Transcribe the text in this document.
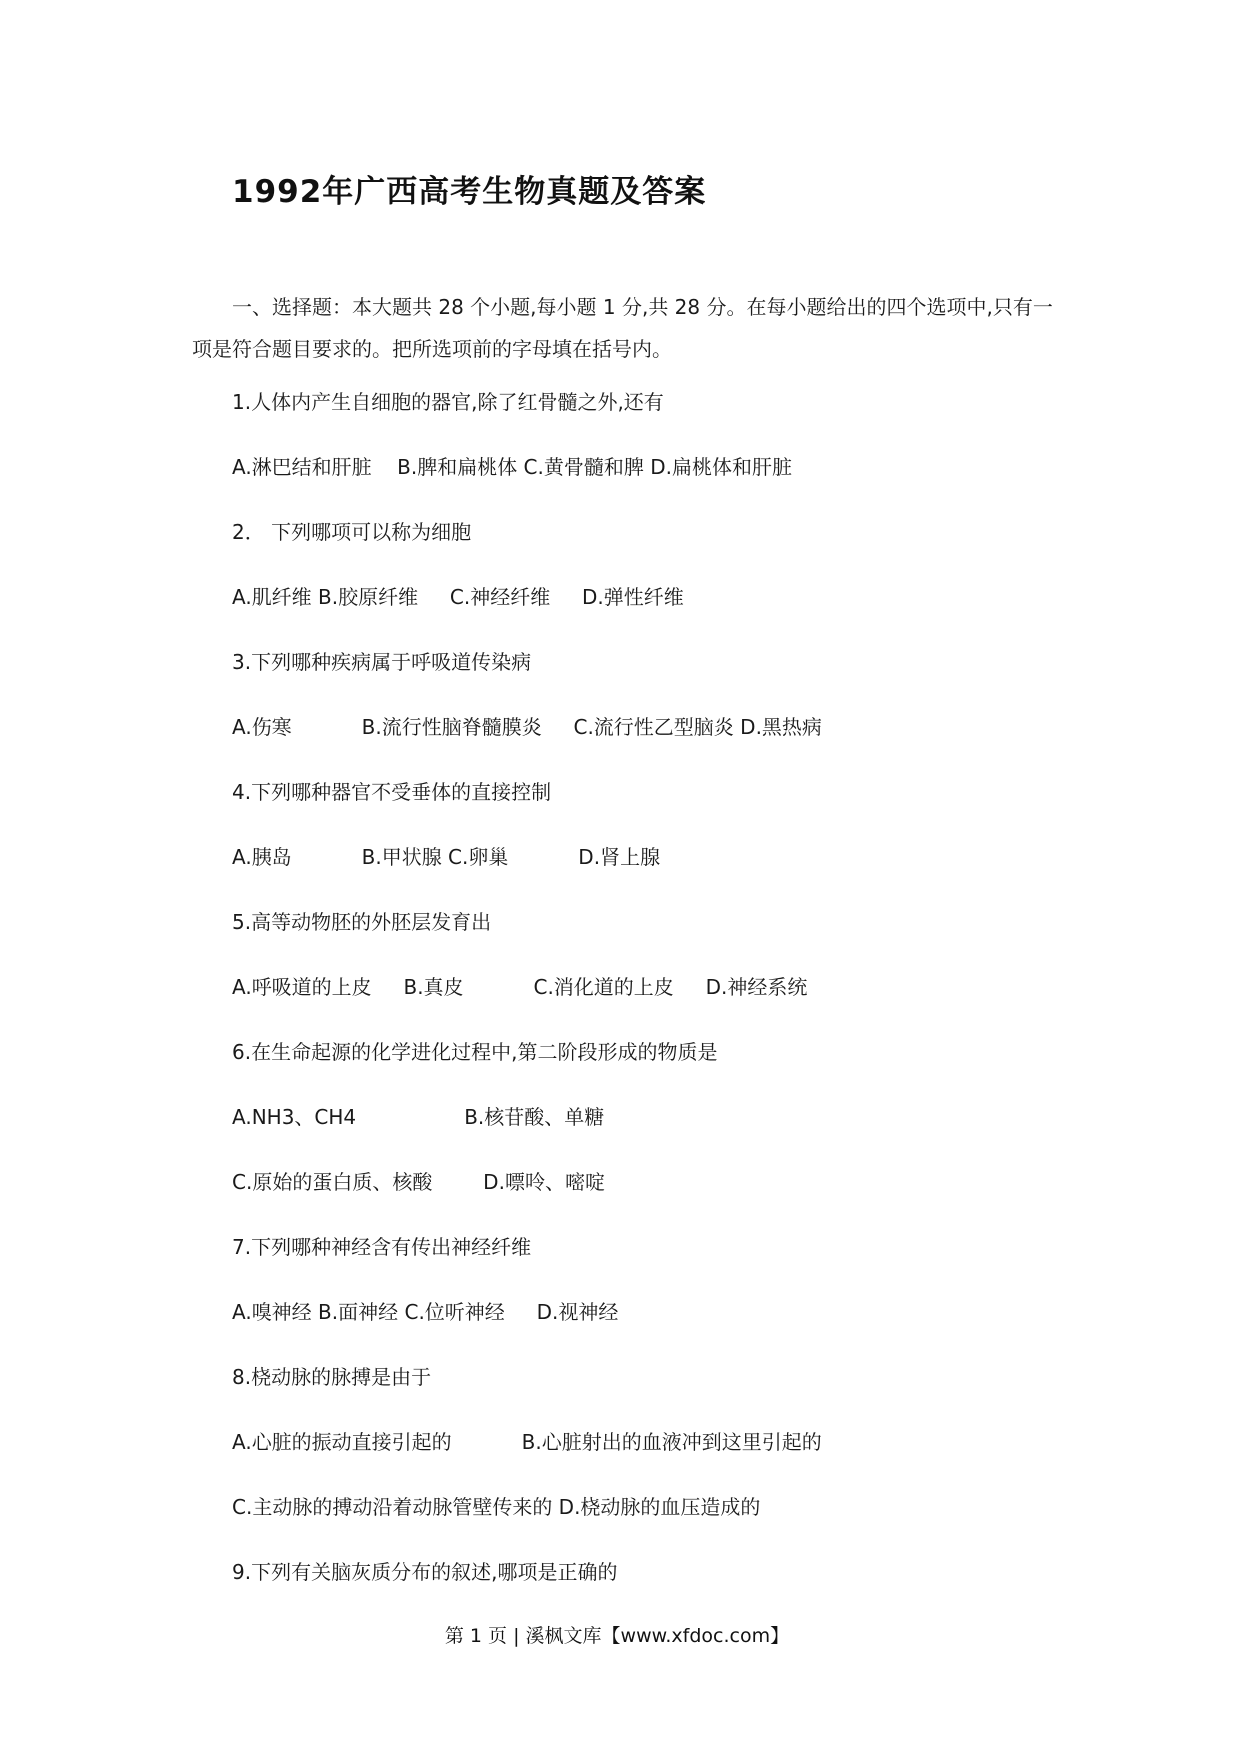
1992年广西高考生物真题及答案
一、选择题：本大题共 28 个小题,每小题 1 分,共 28 分。在每小题给出的四个选项中,只有一项是符合题目要求的。把所选项前的字母填在括号内。
1.人体内产生自细胞的器官,除了红骨髓之外,还有
A.淋巴结和肝脏    B.脾和扁桃体 C.黄骨髓和脾 D.扁桃体和肝脏
2． 下列哪项可以称为细胞
A.肌纤维 B.胶原纤维     C.神经纤维     D.弹性纤维
3.下列哪种疾病属于呼吸道传染病
A.伤寒           B.流行性脑脊髓膜炎     C.流行性乙型脑炎 D.黑热病
4.下列哪种器官不受垂体的直接控制
A.胰岛           B.甲状腺 C.卵巢           D.肾上腺
5.高等动物胚的外胚层发育出
A.呼吸道的上皮     B.真皮           C.消化道的上皮     D.神经系统
6.在生命起源的化学进化过程中,第二阶段形成的物质是
A.NH3、CH4                 B.核苷酸、单糖
C.原始的蛋白质、核酸        D.嘌呤、嘧啶
7.下列哪种神经含有传出神经纤维
A.嗅神经 B.面神经 C.位听神经     D.视神经
8.桡动脉的脉搏是由于
A.心脏的振动直接引起的           B.心脏射出的血液冲到这里引起的
C.主动脉的搏动沿着动脉管壁传来的 D.桡动脉的血压造成的
9.下列有关脑灰质分布的叙述,哪项是正确的
第 1 页 | 溪枫文库【www.xfdoc.com】
